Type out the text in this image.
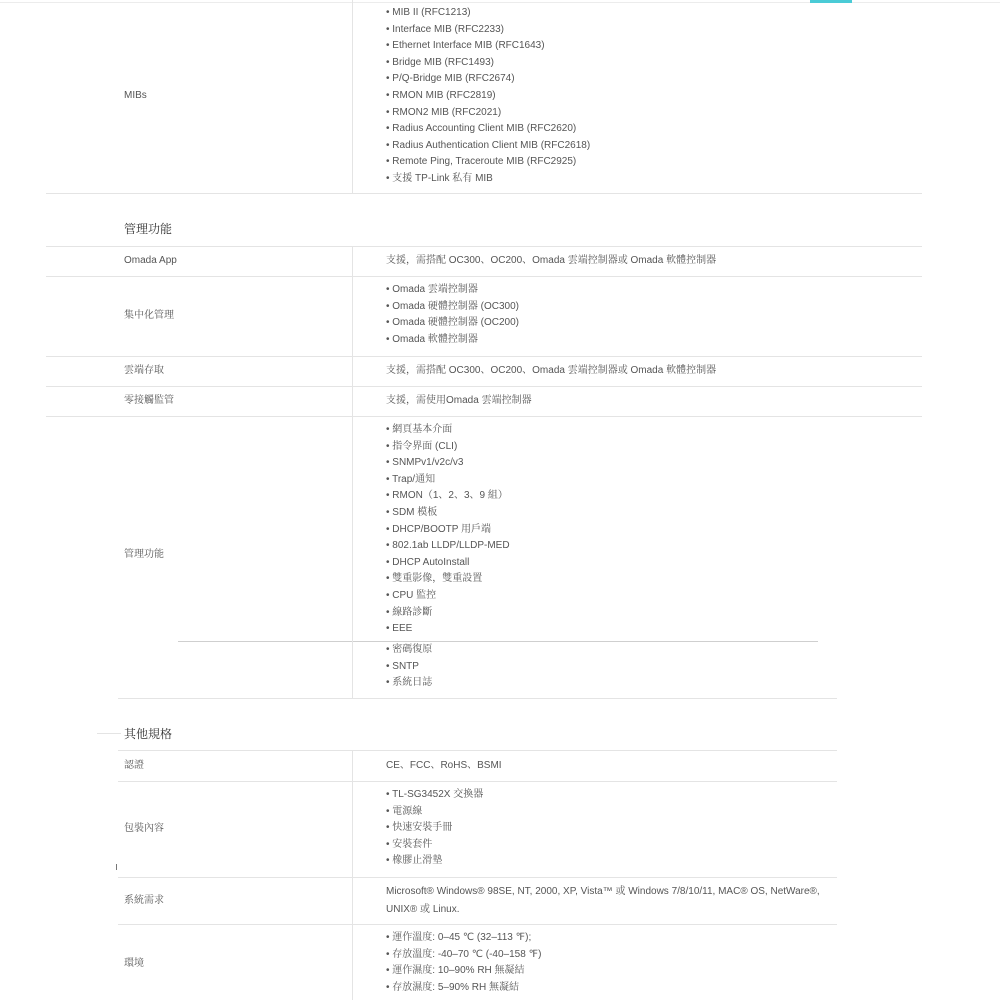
MIBs
• MIB II (RFC1213)
• Interface MIB (RFC2233)
• Ethernet Interface MIB (RFC1643)
• Bridge MIB (RFC1493)
• P/Q-Bridge MIB (RFC2674)
• RMON MIB (RFC2819)
• RMON2 MIB (RFC2021)
• Radius Accounting Client MIB (RFC2620)
• Radius Authentication Client MIB (RFC2618)
• Remote Ping, Traceroute MIB (RFC2925)
• 支援 TP-Link 私有 MIB
管理功能
Omada App	支援，需搭配 OC300、OC200、Omada 雲端控制器或 Omada 軟體控制器
集中化管理
• Omada 雲端控制器
• Omada 硬體控制器 (OC300)
• Omada 硬體控制器 (OC200)
• Omada 軟體控制器
雲端存取	支援，需搭配 OC300、OC200、Omada 雲端控制器或 Omada 軟體控制器
零接觸監管	支援，需使用Omada 雲端控制器
管理功能
• 網頁基本介面
• 指令界面 (CLI)
• SNMPv1/v2c/v3
• Trap/通知
• RMON（1、2、3、9 組）
• SDM 模板
• DHCP/BOOTP 用戶端
• 802.1ab LLDP/LLDP-MED
• DHCP AutoInstall
• 雙重影像，雙重設置
• CPU 監控
• 線路診斷
• EEE
• 密碼復原
• SNTP
• 系統日誌
其他規格
認證	CE、FCC、RoHS、BSMI
包裝內容
• TL-SG3452X 交換器
• 電源線
• 快速安裝手冊
• 安裝套件
• 橡膠止滑墊
系統需求
Microsoft® Windows® 98SE, NT, 2000, XP, Vista™ 或 Windows 7/8/10/11, MAC® OS, NetWare®,
UNIX® 或 Linux.
環境
• 運作溫度: 0–45 ℃ (32–113 ℉);
• 存放溫度: -40–70 ℃ (-40–158 ℉)
• 運作濕度: 10–90% RH 無凝結
• 存放濕度: 5–90% RH 無凝結
